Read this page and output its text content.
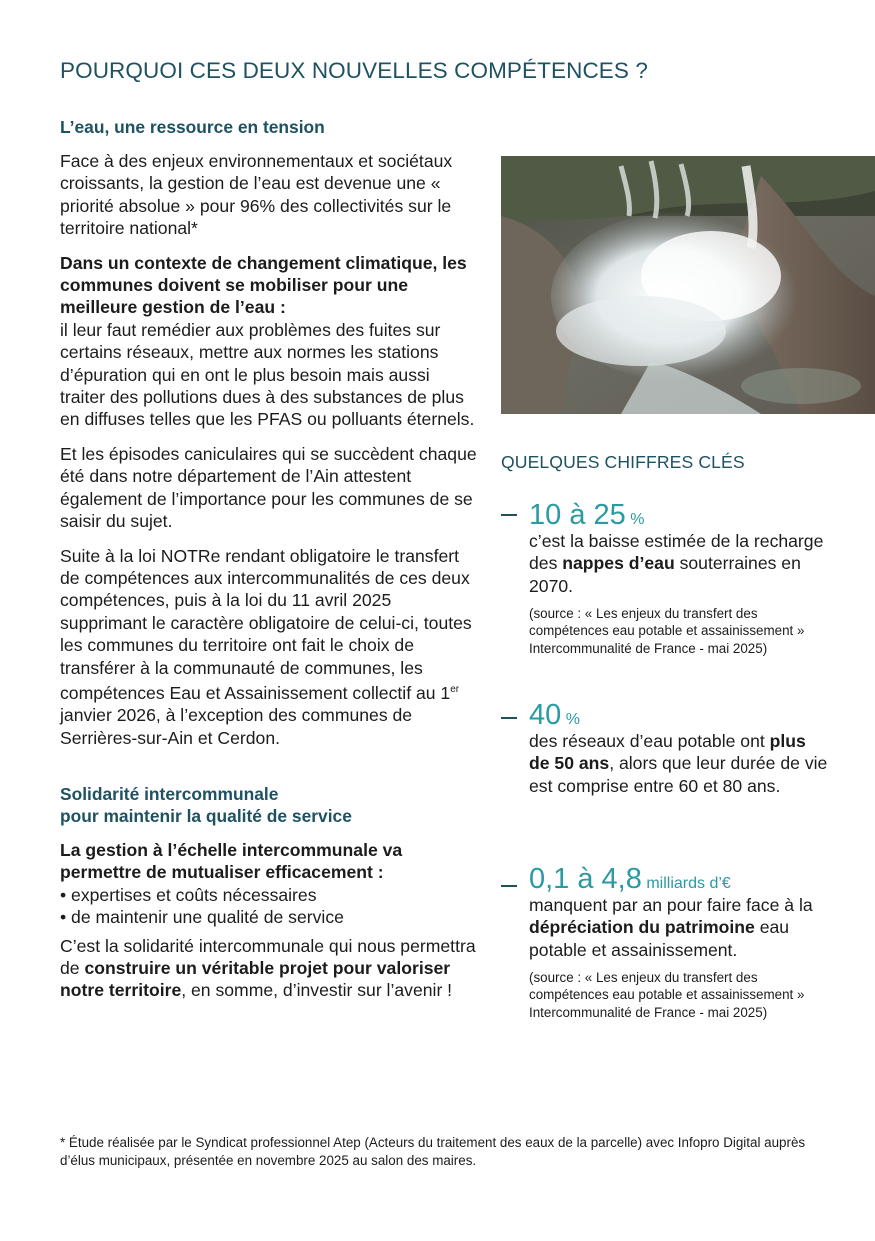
POURQUOI CES DEUX NOUVELLES COMPÉTENCES ?
L’eau, une ressource en tension

Face à des enjeux environnementaux et sociétaux croissants, la gestion de l’eau est devenue une « priorité absolue » pour 96% des collectivités sur le territoire national*

Dans un contexte de changement climatique, les communes doivent se mobiliser pour une meilleure gestion de l’eau :

il leur faut remédier aux problèmes des fuites sur certains réseaux, mettre aux normes les stations d’épuration qui en ont le plus besoin mais aussi traiter des pollutions dues à des substances de plus en diffuses telles que les PFAS ou polluants éternels.

Et les épisodes caniculaires qui se succèdent chaque été dans notre département de l’Ain attestent également de l’importance pour les communes de se saisir du sujet.

Suite à la loi NOTRe rendant obligatoire le transfert de compétences aux intercommunalités de ces deux compétences, puis à la loi du 11 avril 2025 supprimant le caractère obligatoire de celui-ci, toutes les communes du territoire ont fait le choix de transférer à la communauté de communes, les compétences Eau et Assainissement collectif au 1er janvier 2026, à l’exception des communes de Serrières-sur-Ain et Cerdon.

Solidarité intercommunale
pour maintenir la qualité de service

La gestion à l’échelle intercommunale va permettre de mutualiser efficacement :

• expertises et coûts nécessaires

• de maintenir une qualité de service

C’est la solidarité intercommunale qui nous permettra de construire un véritable projet pour valoriser notre territoire, en somme, d’investir sur l’avenir !

QUELQUES CHIFFRES CLÉS
10 à 25 %

c’est la baisse estimée de la recharge des nappes d’eau souterraines en 2070.

(source : « Les enjeux du transfert des compétences eau potable et assainissement » Intercommunalité de France - mai 2025)

40 %

des réseaux d’eau potable ont plus de 50 ans, alors que leur durée de vie est comprise entre 60 et 80 ans.

0,1 à 4,8 milliards d’€

manquent par an pour faire face à la dépréciation du patrimoine eau potable et assainissement.

(source : « Les enjeux du transfert des compétences eau potable et assainissement » Intercommunalité de France - mai 2025)

* Étude réalisée par le Syndicat professionnel Atep (Acteurs du traitement des eaux de la parcelle) avec Infopro Digital auprès d’élus municipaux, présentée en novembre 2025 au salon des maires.
